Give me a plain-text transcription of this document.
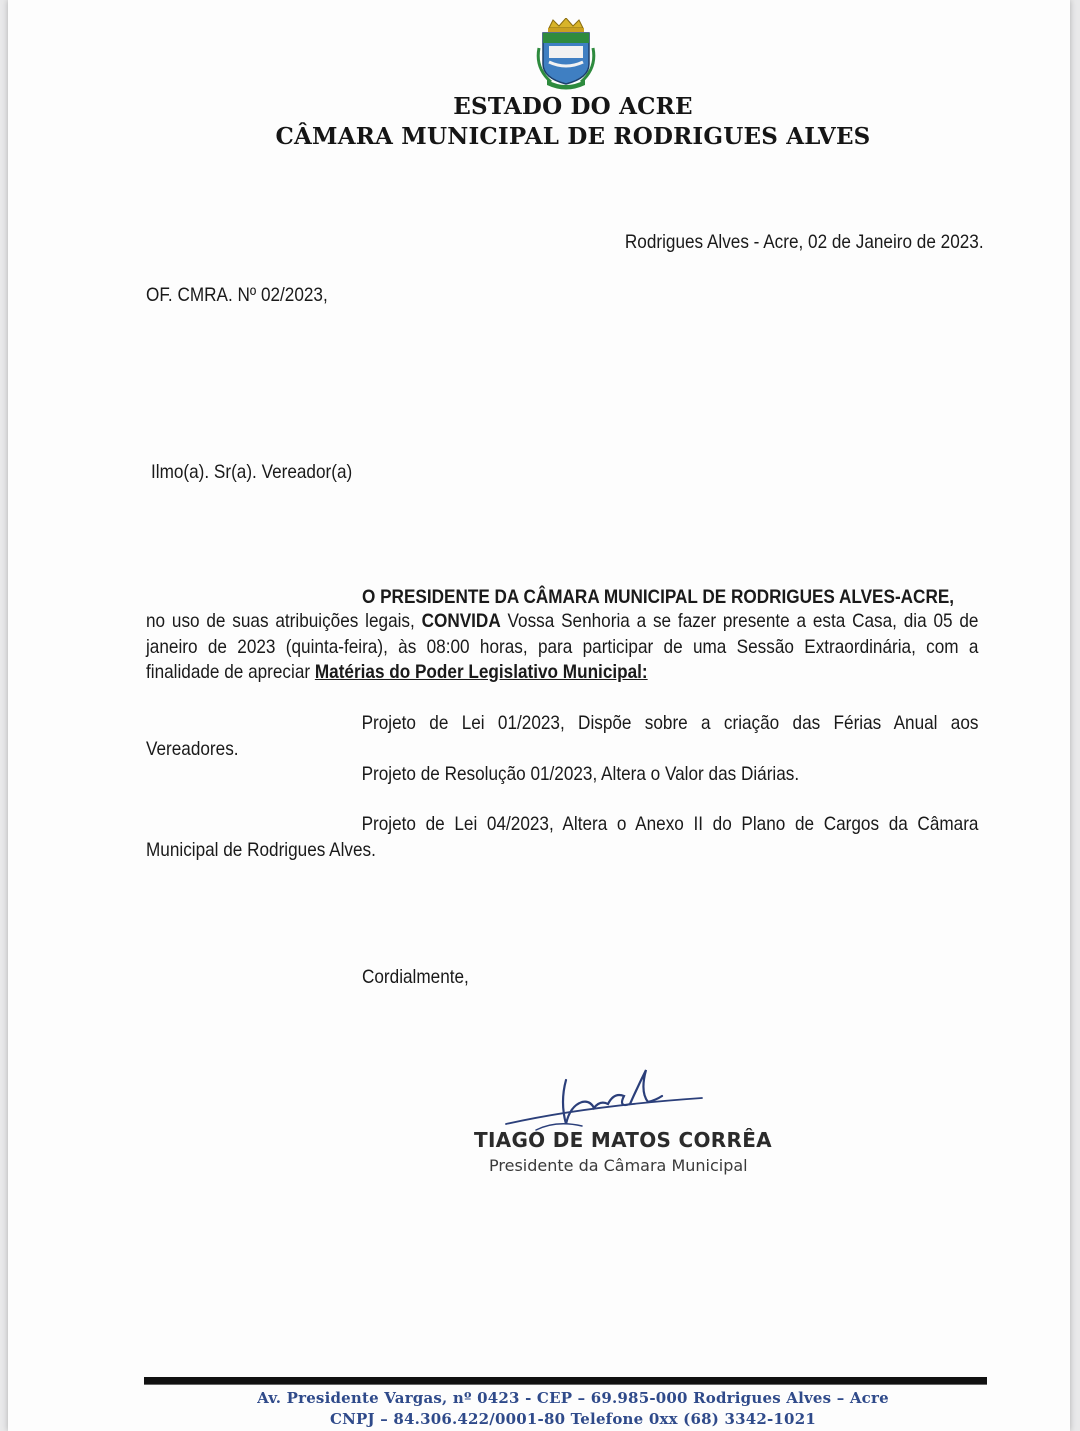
ESTADO DO ACRE
CÂMARA MUNICIPAL DE RODRIGUES ALVES
Rodrigues Alves - Acre, 02 de Janeiro de 2023.
OF. CMRA. Nº 02/2023,
Ilmo(a). Sr(a). Vereador(a)
O PRESIDENTE DA CÂMARA MUNICIPAL DE RODRIGUES ALVES-ACRE,
no uso de suas atribuições legais, CONVIDA Vossa Senhoria a se fazer presente a esta Casa, dia 05 de janeiro de 2023 (quinta-feira), às 08:00 horas, para participar de uma Sessão Extraordinária, com a finalidade de apreciar Matérias do Poder Legislativo Municipal:
Projeto de Lei 01/2023, Dispõe sobre a criação das Férias Anual aos Vereadores.
Projeto de Resolução 01/2023, Altera o Valor das Diárias.
Projeto de Lei 04/2023, Altera o Anexo II do Plano de Cargos da Câmara Municipal de Rodrigues Alves.
Cordialmente,
TIAGO DE MATOS CORRÊA
Presidente da Câmara Municipal
Av. Presidente Vargas, nº 0423 - CEP – 69.985-000 Rodrigues Alves – Acre
CNPJ – 84.306.422/0001-80 Telefone 0xx (68) 3342-1021
